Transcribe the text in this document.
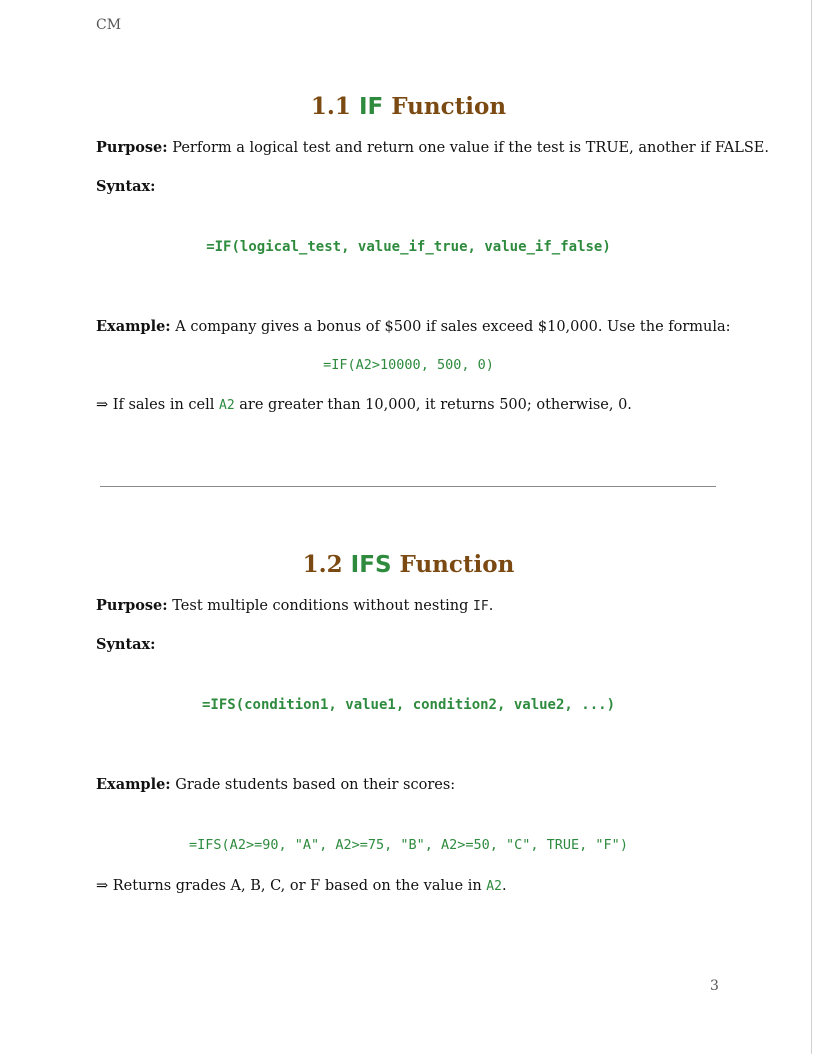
CM
1.1 IF Function
Purpose: Perform a logical test and return one value if the test is TRUE, another if FALSE.
Syntax:
=IF(logical_test, value_if_true, value_if_false)
Example: A company gives a bonus of $500 if sales exceed $10,000. Use the formula:
=IF(A2>10000, 500, 0)
⇒ If sales in cell A2 are greater than 10,000, it returns 500; otherwise, 0.
1.2 IFS Function
Purpose: Test multiple conditions without nesting IF.
Syntax:
=IFS(condition1, value1, condition2, value2, ...)
Example: Grade students based on their scores:
=IFS(A2>=90, "A", A2>=75, "B", A2>=50, "C", TRUE, "F")
⇒ Returns grades A, B, C, or F based on the value in A2.
3
